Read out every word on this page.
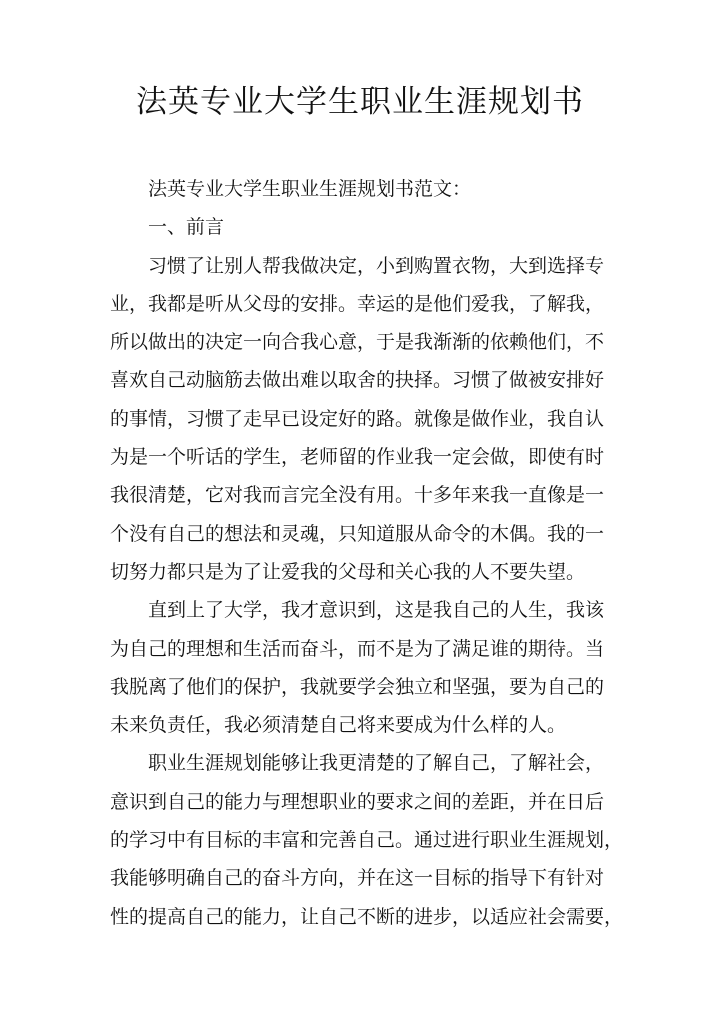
法英专业大学生职业生涯规划书
法英专业大学生职业生涯规划书范文：
一、前言
习惯了让别人帮我做决定，小到购置衣物，大到选择专
业，我都是听从父母的安排。幸运的是他们爱我，了解我，
所以做出的决定一向合我心意，于是我渐渐的依赖他们，不
喜欢自己动脑筋去做出难以取舍的抉择。习惯了做被安排好
的事情，习惯了走早已设定好的路。就像是做作业，我自认
为是一个听话的学生，老师留的作业我一定会做，即使有时
我很清楚，它对我而言完全没有用。十多年来我一直像是一
个没有自己的想法和灵魂，只知道服从命令的木偶。我的一
切努力都只是为了让爱我的父母和关心我的人不要失望。
直到上了大学，我才意识到，这是我自己的人生，我该
为自己的理想和生活而奋斗，而不是为了满足谁的期待。当
我脱离了他们的保护，我就要学会独立和坚强，要为自己的
未来负责任，我必须清楚自己将来要成为什么样的人。
职业生涯规划能够让我更清楚的了解自己，了解社会，
意识到自己的能力与理想职业的要求之间的差距，并在日后
的学习中有目标的丰富和完善自己。通过进行职业生涯规划，
我能够明确自己的奋斗方向，并在这一目标的指导下有针对
性的提高自己的能力，让自己不断的进步，以适应社会需要，
